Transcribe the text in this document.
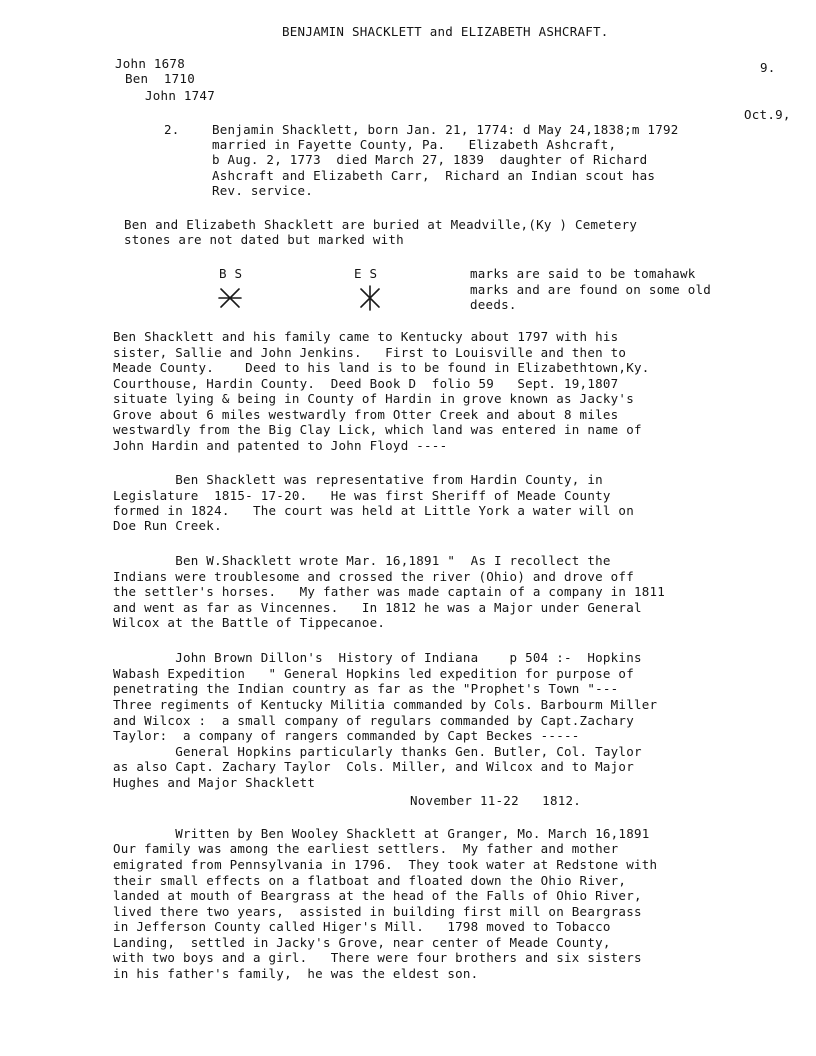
BENJAMIN SHACKLETT and ELIZABETH ASHCRAFT.
John 1678
Ben  1710
John 1747
9.
Oct.9,
2.	Benjamin Shacklett, born Jan. 21, 1774: d May 24,1838;m 1792
married in Fayette County, Pa.   Elizabeth Ashcraft,
b Aug. 2, 1773  died March 27, 1839  daughter of Richard
Ashcraft and Elizabeth Carr,  Richard an Indian scout has
Rev. service.
Ben and Elizabeth Shacklett are buried at Meadville,(Ky ) Cemetery
stones are not dated but marked with
B S	E S	marks are said to be tomahawk
marks and are found on some old
deeds.
Ben Shacklett and his family came to Kentucky about 1797 with his
sister, Sallie and John Jenkins.   First to Louisville and then to
Meade County.    Deed to his land is to be found in Elizabethtown,Ky.
Courthouse, Hardin County.  Deed Book D  folio 59   Sept. 19,1807
situate lying & being in County of Hardin in grove known as Jacky's
Grove about 6 miles westwardly from Otter Creek and about 8 miles
westwardly from the Big Clay Lick, which land was entered in name of
John Hardin and patented to John Floyd ----
Ben Shacklett was representative from Hardin County, in
Legislature  1815- 17-20.   He was first Sheriff of Meade County
formed in 1824.   The court was held at Little York a water will on
Doe Run Creek.
Ben W.Shacklett wrote Mar. 16,1891 "  As I recollect the
Indians were troublesome and crossed the river (Ohio) and drove off
the settler's horses.   My father was made captain of a company in 1811
and went as far as Vincennes.   In 1812 he was a Major under General
Wilcox at the Battle of Tippecanoe.
John Brown Dillon's  History of Indiana    p 504 :-  Hopkins
Wabash Expedition   " General Hopkins led expedition for purpose of
penetrating the Indian country as far as the "Prophet's Town "---
Three regiments of Kentucky Militia commanded by Cols. Barbourm Miller
and Wilcox :  a small company of regulars commanded by Capt.Zachary
Taylor:  a company of rangers commanded by Capt Beckes -----
General Hopkins particularly thanks Gen. Butler, Col. Taylor
as also Capt. Zachary Taylor  Cols. Miller, and Wilcox and to Major
Hughes and Major Shacklett
November 11-22   1812.
Written by Ben Wooley Shacklett at Granger, Mo. March 16,1891
Our family was among the earliest settlers.  My father and mother
emigrated from Pennsylvania in 1796.  They took water at Redstone with
their small effects on a flatboat and floated down the Ohio River,
landed at mouth of Beargrass at the head of the Falls of Ohio River,
lived there two years,  assisted in building first mill on Beargrass
in Jefferson County called Higer's Mill.   1798 moved to Tobacco
Landing,  settled in Jacky's Grove, near center of Meade County,
with two boys and a girl.   There were four brothers and six sisters
in his father's family,  he was the eldest son.
